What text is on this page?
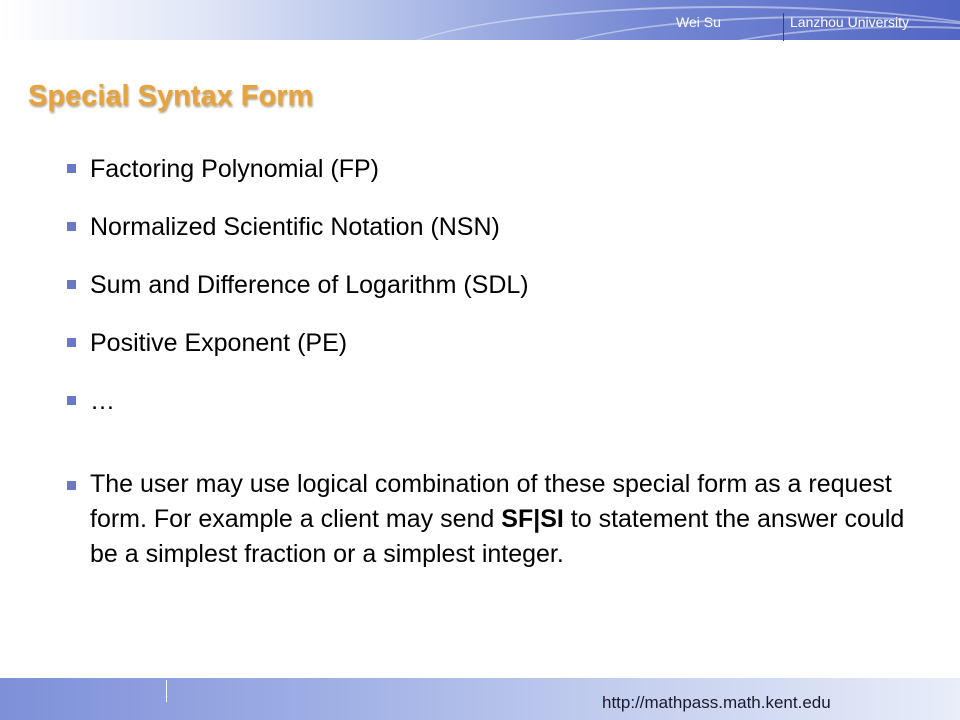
Wei Su	Lanzhou University
Special Syntax Form
Factoring Polynomial (FP)
Normalized Scientific Notation (NSN)
Sum and Difference of Logarithm (SDL)
Positive Exponent (PE)
…
The user may use logical combination of these special form as a request form. For example a client may send SF|SI to statement the answer could be a simplest fraction or a simplest integer.
http://mathpass.math.kent.edu
